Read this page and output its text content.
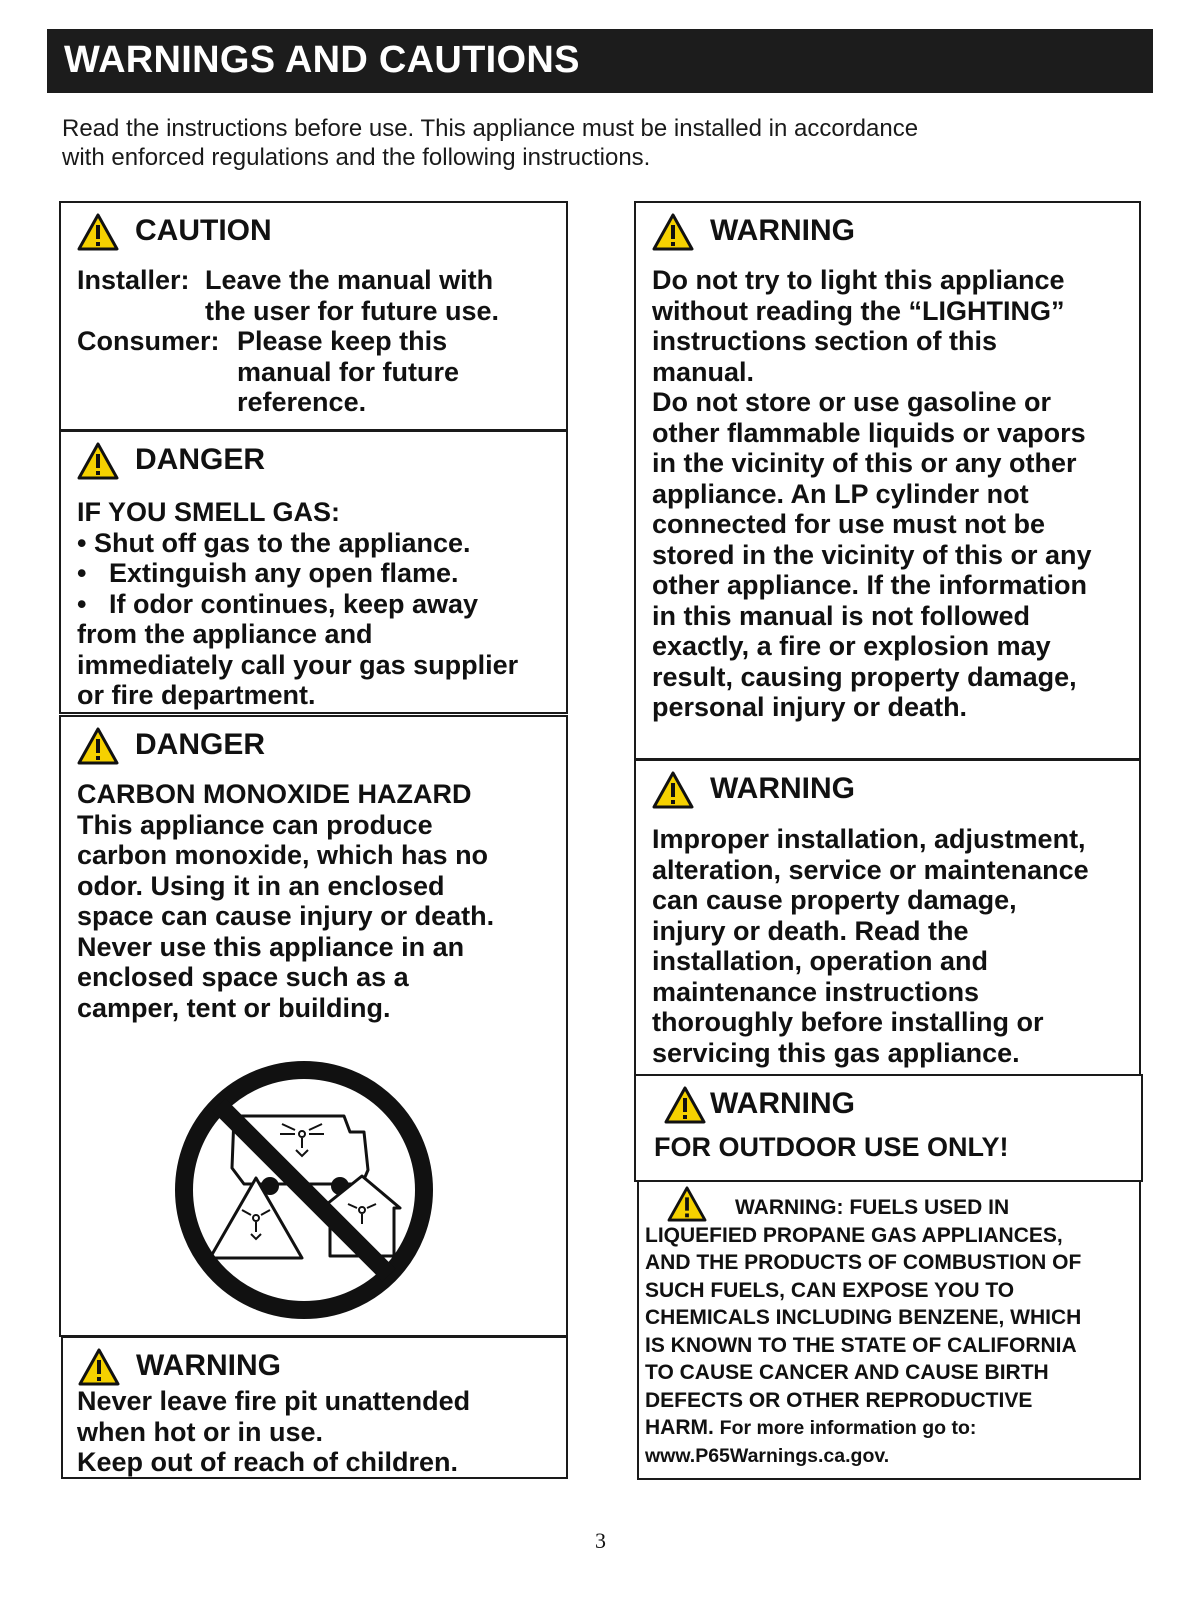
WARNINGS AND CAUTIONS
Read the instructions before use. This appliance must be installed in accordance
with enforced regulations and the following instructions.
CAUTION
Installer: Leave the manual with
the user for future use.
Consumer: Please keep this
manual for future
reference.
DANGER
IF YOU SMELL GAS:
• Shut off gas to the appliance.
• Extinguish any open flame.
• If odor continues, keep away
from the appliance and
immediately call your gas supplier
or fire department.
DANGER
CARBON MONOXIDE HAZARD
This appliance can produce
carbon monoxide, which has no
odor. Using it in an enclosed
space can cause injury or death.
Never use this appliance in an
enclosed space such as a
camper, tent or building.
WARNING
Never leave fire pit unattended
when hot or in use.
Keep out of reach of children.
WARNING
Do not try to light this appliance
without reading the “LIGHTING”
instructions section of this
manual.
Do not store or use gasoline or
other flammable liquids or vapors
in the vicinity of this or any other
appliance. An LP cylinder not
connected for use must not be
stored in the vicinity of this or any
other appliance. If the information
in this manual is not followed
exactly, a fire or explosion may
result, causing property damage,
personal injury or death.
WARNING
Improper installation, adjustment,
alteration, service or maintenance
can cause property damage,
injury or death. Read the
installation, operation and
maintenance instructions
thoroughly before installing or
servicing this gas appliance.
WARNING
FOR OUTDOOR USE ONLY!
WARNING: FUELS USED IN
LIQUEFIED PROPANE GAS APPLIANCES,
AND THE PRODUCTS OF COMBUSTION OF
SUCH FUELS, CAN EXPOSE YOU TO
CHEMICALS INCLUDING BENZENE, WHICH
IS KNOWN TO THE STATE OF CALIFORNIA
TO CAUSE CANCER AND CAUSE BIRTH
DEFECTS OR OTHER REPRODUCTIVE
HARM. For more information go to:
www.P65Warnings.ca.gov.
3
